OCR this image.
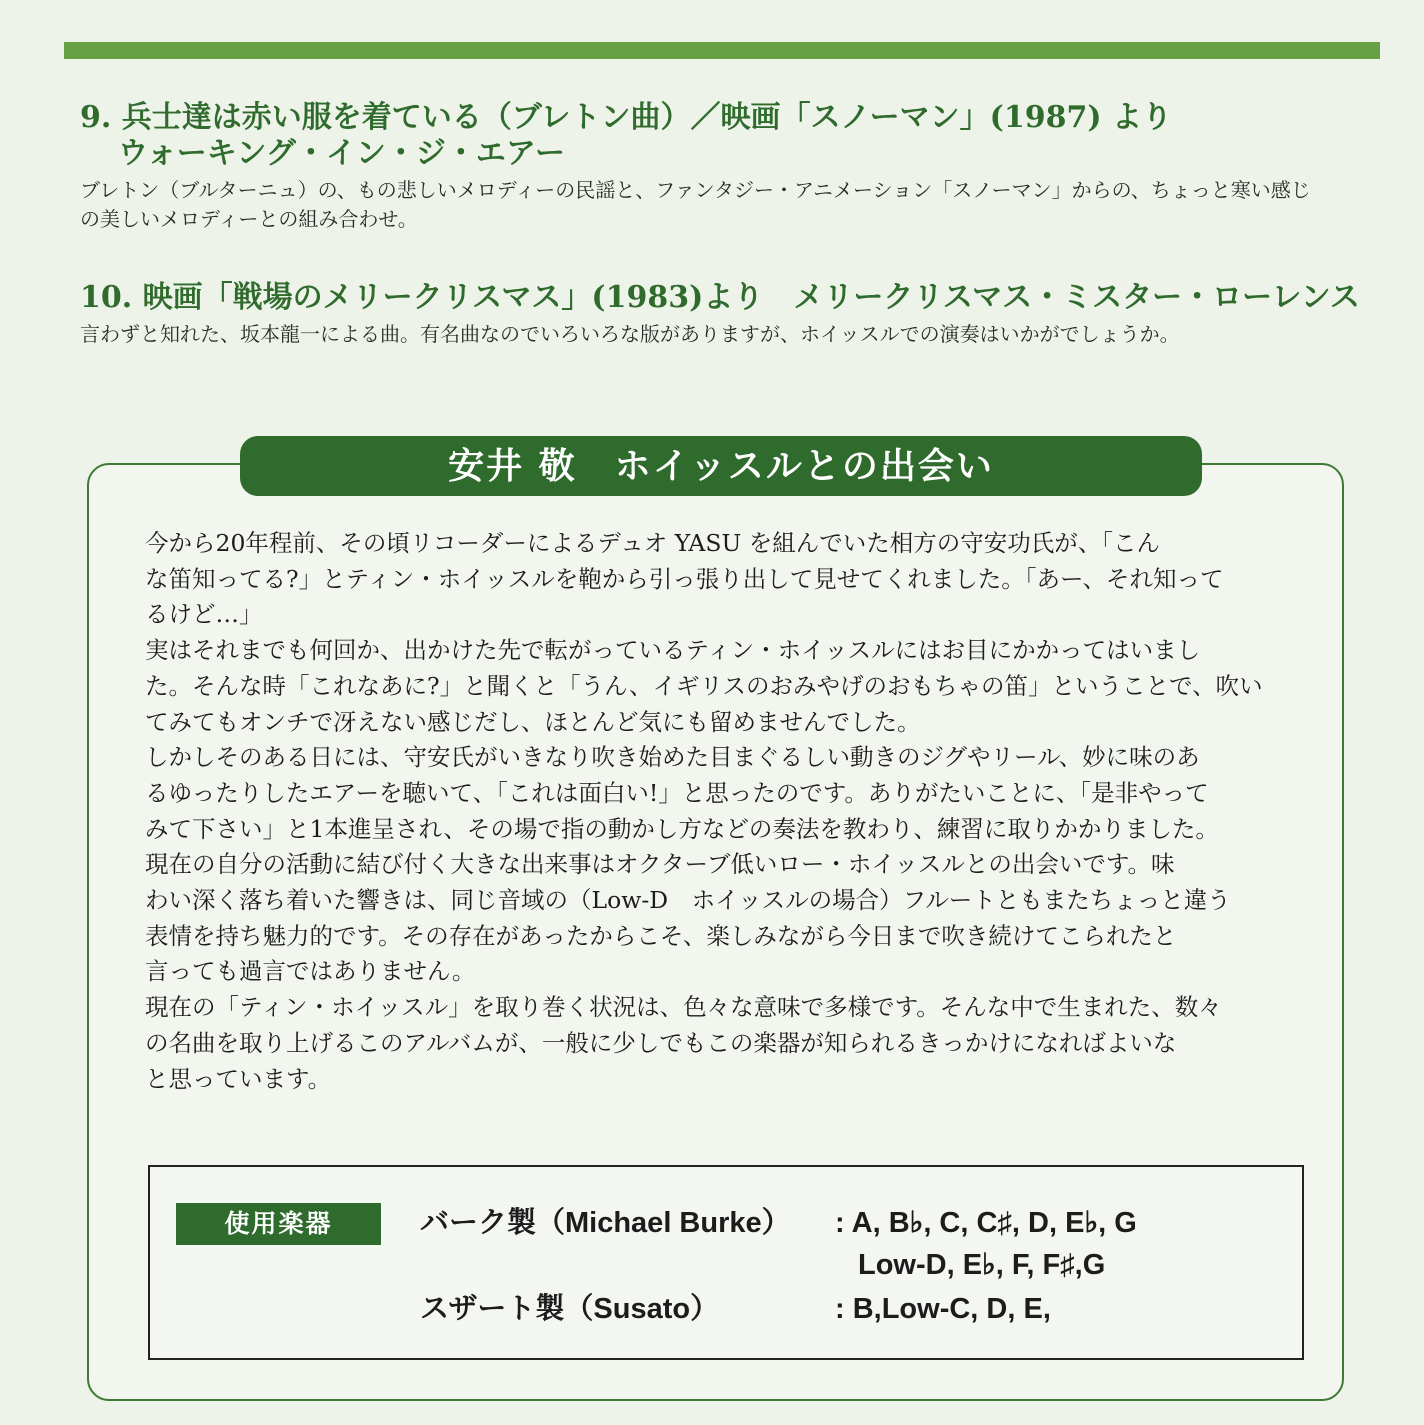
9. 兵士達は赤い服を着ている（ブレトン曲）／映画「スノーマン」(1987) より
ウォーキング・イン・ジ・エアー
ブレトン（ブルターニュ）の、もの悲しいメロディーの民謡と、ファンタジー・アニメーション「スノーマン」からの、ちょっと寒い感じ
の美しいメロディーとの組み合わせ。
10. 映画「戦場のメリークリスマス」(1983)より　メリークリスマス・ミスター・ローレンス
言わずと知れた、坂本龍一による曲。有名曲なのでいろいろな版がありますが、ホイッスルでの演奏はいかがでしょうか。
安井 敬　ホイッスルとの出会い

今から20年程前、その頃リコーダーによるデュオ YASU を組んでいた相方の守安功氏が、「こん

な笛知ってる?」とティン・ホイッスルを鞄から引っ張り出して見せてくれました。「あー、それ知って

るけど…」

実はそれまでも何回か、出かけた先で転がっているティン・ホイッスルにはお目にかかってはいまし

た。そんな時「これなあに?」と聞くと「うん、イギリスのおみやげのおもちゃの笛」ということで、吹い

てみてもオンチで冴えない感じだし、ほとんど気にも留めませんでした。

しかしそのある日には、守安氏がいきなり吹き始めた目まぐるしい動きのジグやリール、妙に味のあ

るゆったりしたエアーを聴いて、「これは面白い!」と思ったのです。ありがたいことに、「是非やって

みて下さい」と1本進呈され、その場で指の動かし方などの奏法を教わり、練習に取りかかりました。

現在の自分の活動に結び付く大きな出来事はオクターブ低いロー・ホイッスルとの出会いです。味

わい深く落ち着いた響きは、同じ音域の（Low-D　ホイッスルの場合）フルートともまたちょっと違う

表情を持ち魅力的です。その存在があったからこそ、楽しみながら今日まで吹き続けてこられたと

言っても過言ではありません。

現在の「ティン・ホイッスル」を取り巻く状況は、色々な意味で多様です。そんな中で生まれた、数々

の名曲を取り上げるこのアルバムが、一般に少しでもこの楽器が知られるきっかけになればよいな

と思っています。

使用楽器	バーク製（Michael Burke） : A, B♭, C, C♯, D, E♭, G
Low-D, E♭, F, F♯,G
スザート製（Susato）	: B,Low-C, D, E,
